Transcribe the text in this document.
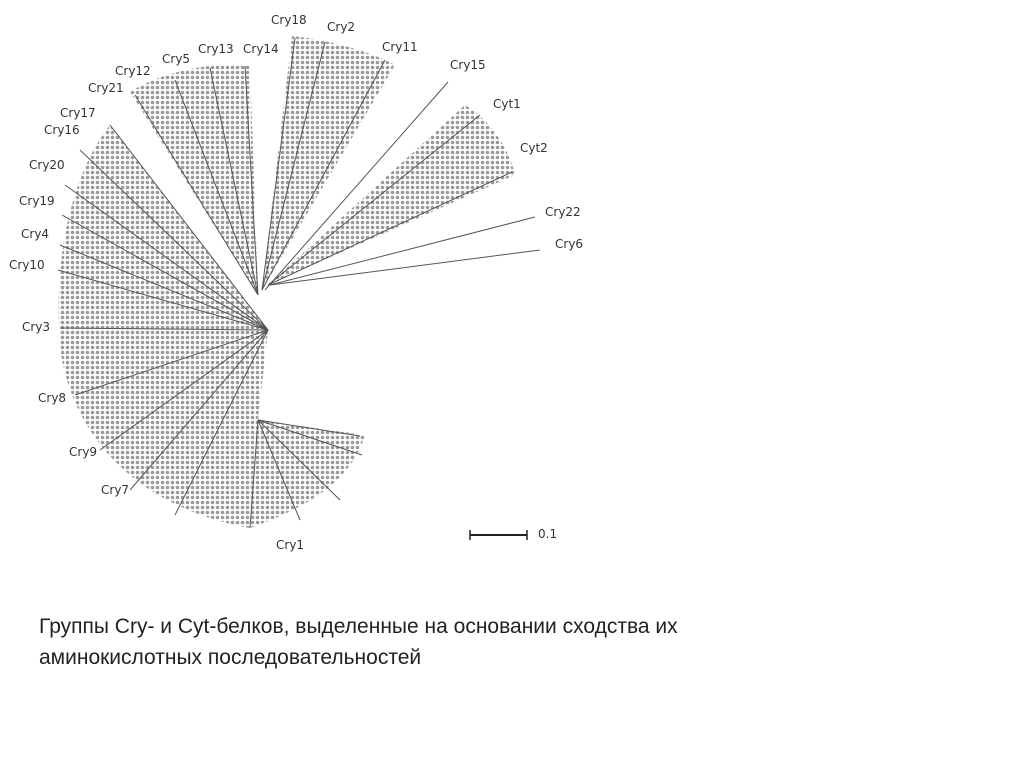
Cry18 Cry2
Cry11
Cry15
Cyt1
Cyt2
Cry22
Cry6
Cry5
Cry13 Cry14
Cry12
Cry21
Cry17
Cry16
Cry20
Cry19
Cry4
Cry10
Cry3
Cry8
Cry9
Cry7
Cry1
0.1

Группы Cry- и Cyt-белков, выделенные на основании сходства их
аминокислотных последовательностей
